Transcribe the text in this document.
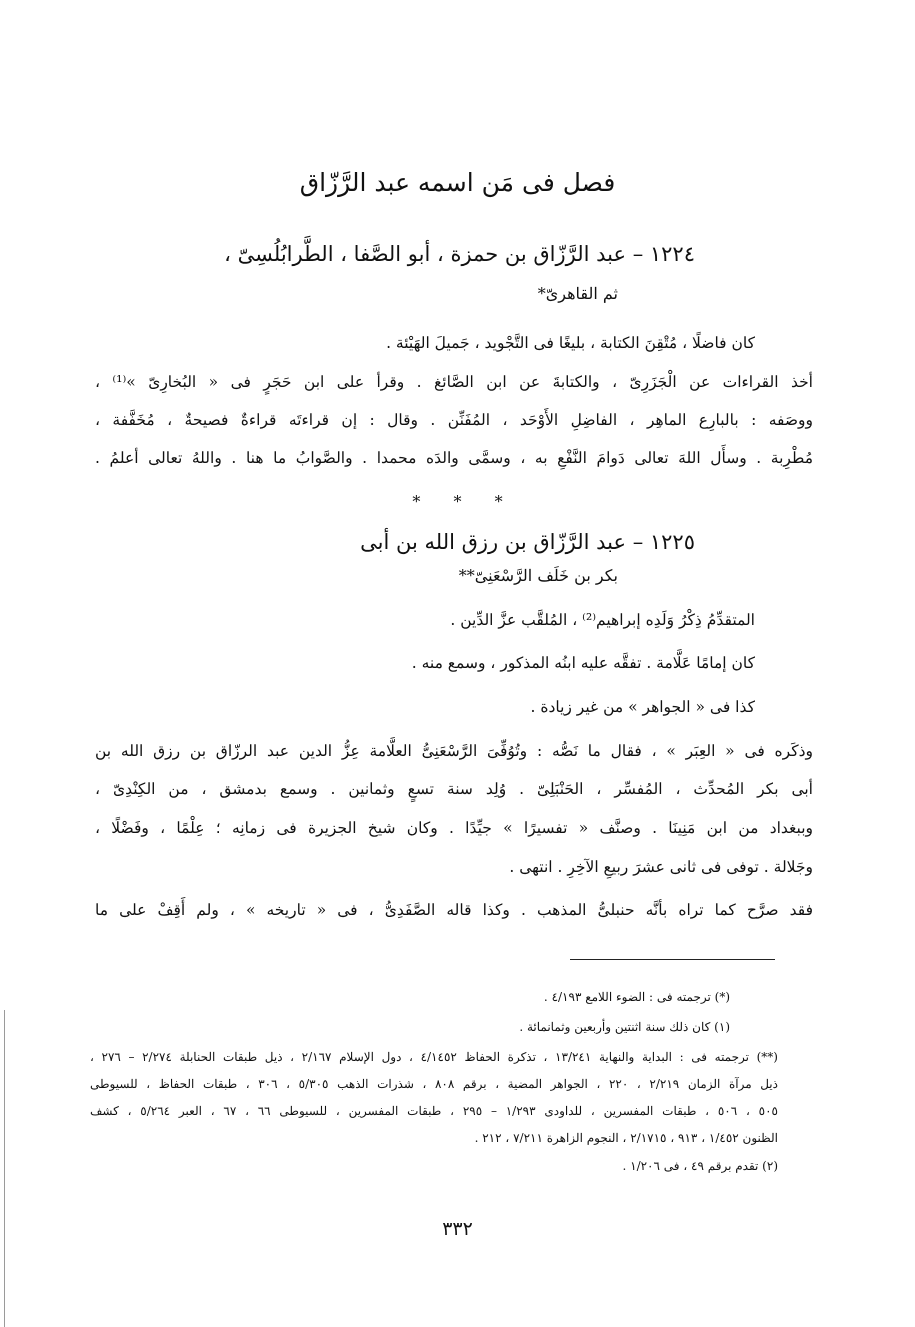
فصل فى مَن اسمه عبد الرَّزّاق
١٢٢٤ – عبد الرَّزّاق بن حمزة ، أبو الصَّفا ، الطَّرابُلُسِىّ ،
ثم القاهرىّ*
كان فاضلًا ، مُتْقِنَ الكتابة ، بليغًا فى التَّجْويد ، جَميلَ الهَيْئة .
أخذ القراءات عن الْجَزَرِىّ ، والكتابةَ عن ابن الصَّائغ . وقرأ على ابن حَجَرٍ فى « البُخارِىّ »⁽¹⁾ ،
ووصَفه : بالبارِع الماهِر ، الفاضِلِ الأَوْحَد ، المُفَنِّن . وقال : إن قراءتَه قراءةٌ فصيحةٌ ، مُخَفَّفة ،
مُطْرِبة . وسأَل اللهَ تعالى دَوامَ النَّفْعِ به ، وسمَّى والدَه محمدا . والصَّوابُ ما هنا . واللهُ تعالى أعلمُ .
* * *
١٢٢٥ – عبد الرَّزّاق بن رزق الله بن أبى
بكر بن خَلَف الرَّسْعَنِىّ**
المتقدِّمُ ذِكْرُ وَلَدِه إبراهيم⁽²⁾ ، المُلقَّب عزَّ الدِّين .
كان إمامًا عَلَّامة . تفقَّه عليه ابنُه المذكور ، وسمع منه .
كذا فى « الجواهر » من غير زيادة .
وذكَره فى « العِبَر » ، فقال ما نَصُّه : وتُوُفِّىَ الرَّسْعَنِىُّ العلَّامة عِزُّ الدين عبد الرزّاق بن رزق الله بن
أبى بكر المُحدِّث ، المُفسِّر ، الحَنْبَلِىّ . وُلِد سنة تسعٍ وثمانين . وسمع بدمشق ، من الكِنْدِىّ ،
وببغداد من ابن مَنِينَا . وصنَّف « تفسيرًا » جيِّدًا . وكان شيخ الجزيرة فى زمانِه ؛ عِلْمًا ، وفَضْلًا ،
وجَلالة . توفى فى ثانى عشرَ ربيعِ الآخِرِ . انتهى .
فقد صرَّح كما تراه بأنَّه حنبلىُّ المذهب . وكذا قاله الصَّفَدِىُّ ، فى « تاريخه » ، ولم أَقِفْ على ما
(*) ترجمته فى : الضوء اللامع ٤/١٩٣ .
(١) كان ذلك سنة اثنتين وأربعين وثمانمائة .
(**) ترجمته فى : البداية والنهاية ١٣/٢٤١ ، تذكرة الحفاظ ٤/١٤٥٢ ، دول الإسلام ٢/١٦٧ ، ذيل طبقات الحنابلة ٢/٢٧٤ – ٢٧٦ ،
ذيل مرآة الزمان ٢/٢١٩ ، ٢٢٠ ، الجواهر المضية ، برقم ٨٠٨ ، شذرات الذهب ٥/٣٠٥ ، ٣٠٦ ، طبقات الحفاظ ، للسيوطى
٥٠٥ ، ٥٠٦ ، طبقات المفسرين ، للداودى ١/٢٩٣ – ٢٩٥ ، طبقات المفسرين ، للسيوطى ٦٦ ، ٦٧ ، العبر ٥/٢٦٤ ، كشف
الظنون ١/٤٥٢ ، ٩١٣ ، ٢/١٧١٥ ، النجوم الزاهرة ٧/٢١١ ، ٢١٢ .
(٢) تقدم برقم ٤٩ ، فى ١/٢٠٦ .
٣٣٢
